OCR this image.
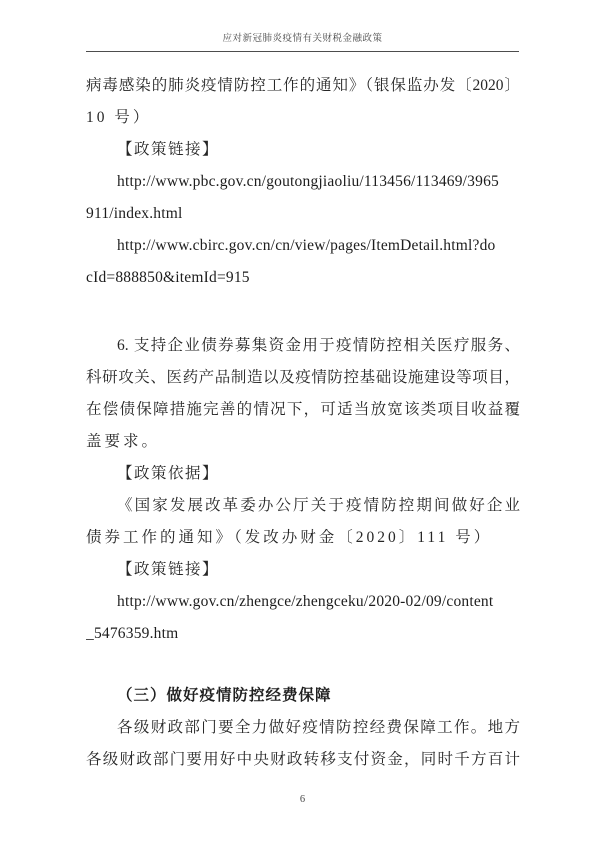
应对新冠肺炎疫情有关财税金融政策
病毒感染的肺炎疫情防控工作的通知》（银保监办发〔2020〕
10 号）
【政策链接】
http://www.pbc.gov.cn/goutongjiaoliu/113456/113469/3965
911/index.html
http://www.cbirc.gov.cn/cn/view/pages/ItemDetail.html?do
cId=888850&itemId=915
6. 支持企业债券募集资金用于疫情防控相关医疗服务、
科研攻关、医药产品制造以及疫情防控基础设施建设等项目，
在偿债保障措施完善的情况下，可适当放宽该类项目收益覆
盖要求。
【政策依据】
《国家发展改革委办公厅关于疫情防控期间做好企业
债券工作的通知》（发改办财金〔2020〕111 号）
【政策链接】
http://www.gov.cn/zhengce/zhengceku/2020-02/09/content
_5476359.htm
（三）做好疫情防控经费保障
各级财政部门要全力做好疫情防控经费保障工作。地方
各级财政部门要用好中央财政转移支付资金，同时千方百计
6
